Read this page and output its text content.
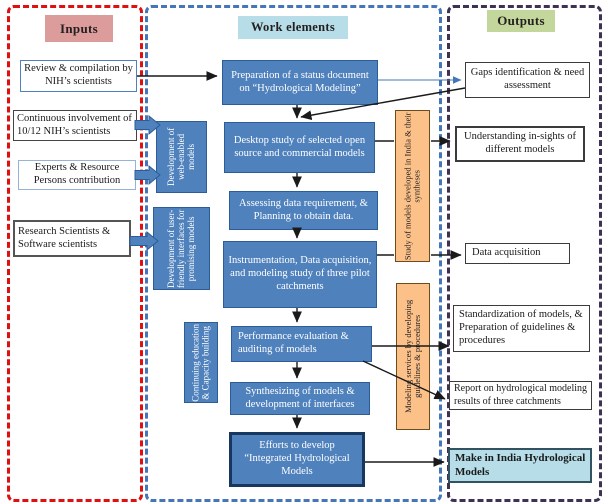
Inputs	Work elements	Outputs
Review & compilation by NIH’s scientists
Continuous involvement of 10/12 NIH’s scientists
Experts & Resource Persons contribution
Research Scientists & Software scientists
Preparation of a status document on “Hydrological Modeling”
Desktop study of selected open source and commercial models
Assessing data requirement, & Planning to obtain data.
Instrumentation, Data acquisition, and modeling study of three pilot catchments
Performance evaluation & auditing of models
Synthesizing of models & development of interfaces
Efforts to develop “Integrated Hydrological Models
Development of web-enabled models
Development of user-friendly interfaces for promising models
Continuing education & Capacity building
Study of models developed in India & their syntheses
Modeling services by developing guidelines & procedures
Gaps identification & need assessment
Understanding in-sights of different models
Data acquisition
Standardization of models, & Preparation of guidelines & procedures
Report on hydrological modeling results of three catchments
Make in India Hydrological Models
